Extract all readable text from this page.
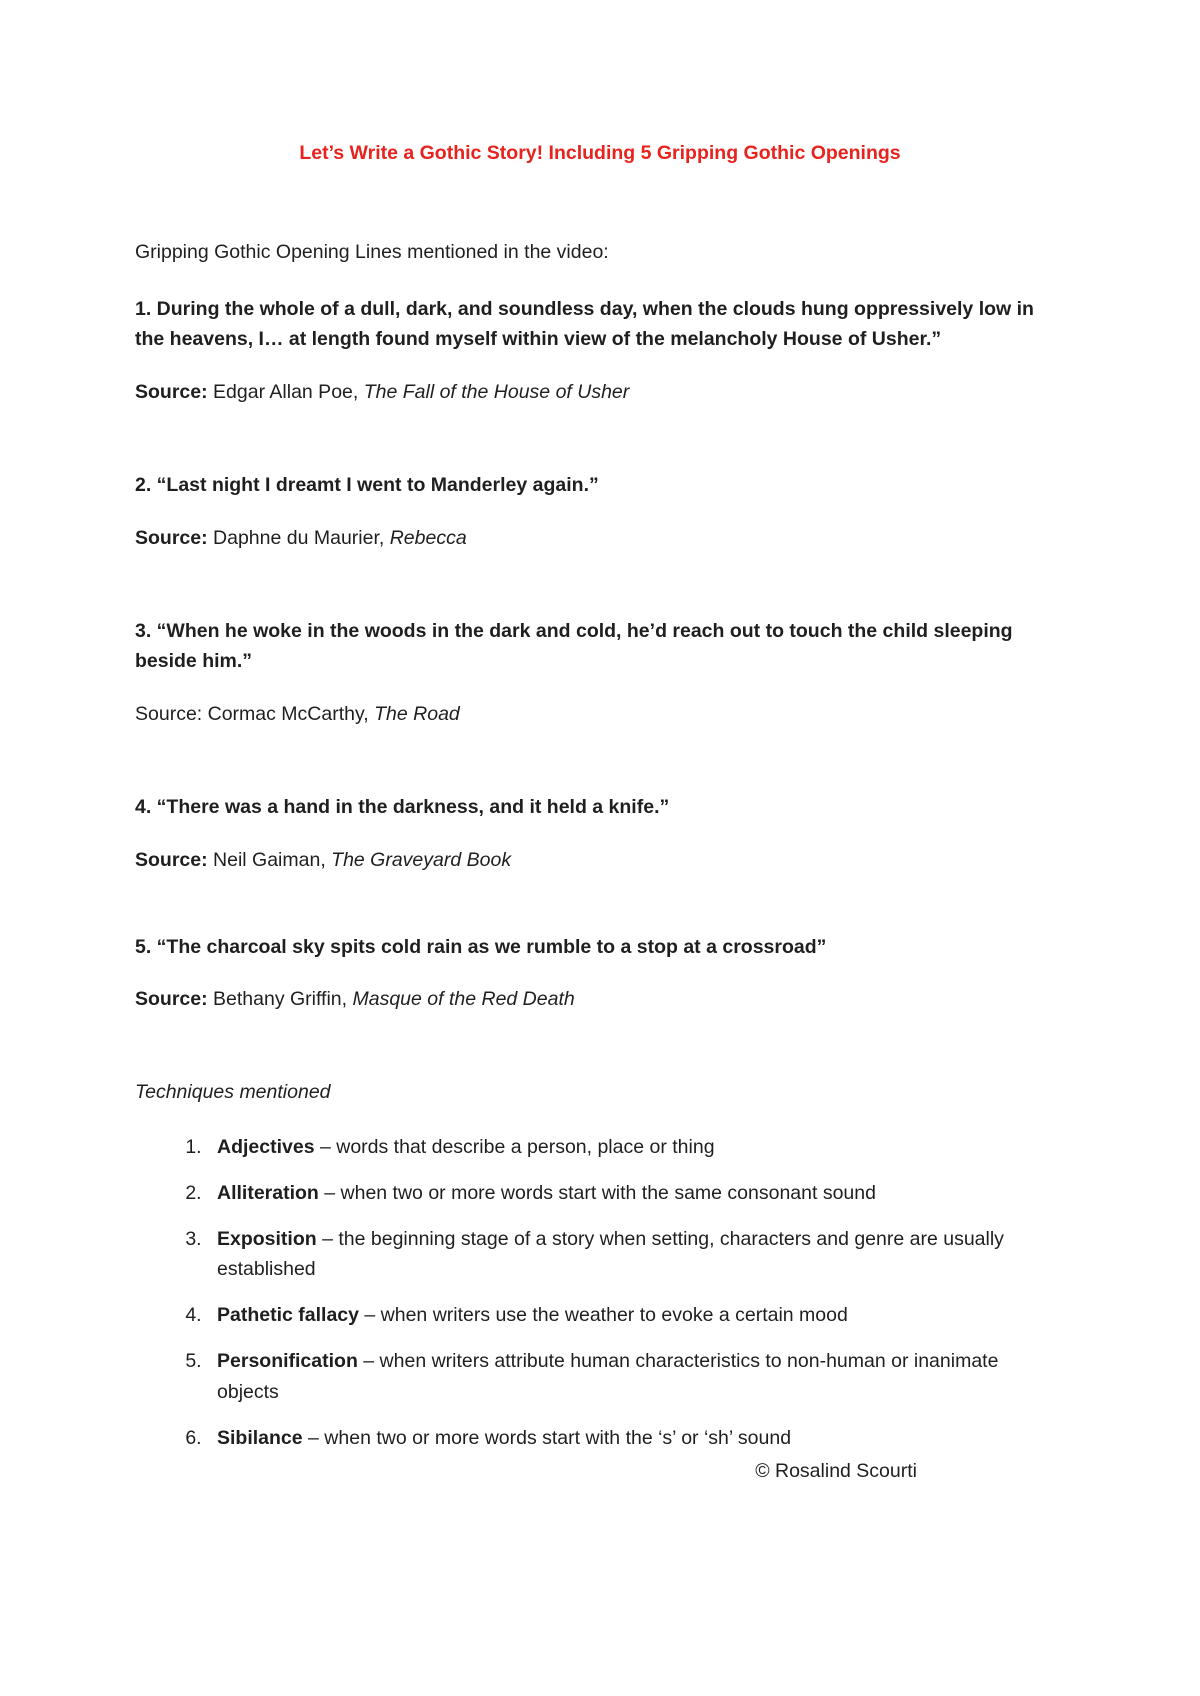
Let’s Write a Gothic Story! Including 5 Gripping Gothic Openings

Gripping Gothic Opening Lines mentioned in the video:

1. During the whole of a dull, dark, and soundless day, when the clouds hung oppressively low in the heavens, I… at length found myself within view of the melancholy House of Usher.”

Source: Edgar Allan Poe, The Fall of the House of Usher

2. “Last night I dreamt I went to Manderley again.”

Source: Daphne du Maurier, Rebecca

3. “When he woke in the woods in the dark and cold, he’d reach out to touch the child sleeping beside him.”

Source: Cormac McCarthy, The Road

4. “There was a hand in the darkness, and it held a knife.”

Source: Neil Gaiman, The Graveyard Book

5. “The charcoal sky spits cold rain as we rumble to a stop at a crossroad”

Source: Bethany Griffin, Masque of the Red Death

Techniques mentioned

1. Adjectives – words that describe a person, place or thing
2. Alliteration – when two or more words start with the same consonant sound
3. Exposition – the beginning stage of a story when setting, characters and genre are usually established
4. Pathetic fallacy – when writers use the weather to evoke a certain mood
5. Personification – when writers attribute human characteristics to non-human or inanimate objects
6. Sibilance – when two or more words start with the ‘s’ or ‘sh’ sound

© Rosalind Scourti
